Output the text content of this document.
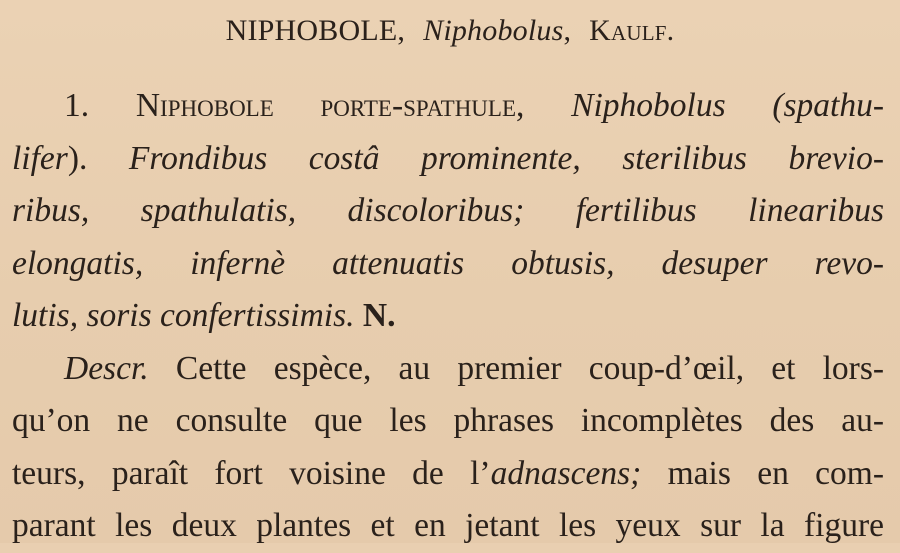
NIPHOBOLE, Niphobolus, Kaulf.
1. Niphobole porte-spathule, Niphobolus (spathu-
lifer). Frondibus costâ prominente, sterilibus brevio-
ribus, spathulatis, discoloribus; fertilibus linearibus
elongatis, infernè attenuatis obtusis, desuper revo-
lutis, soris confertissimis. N.
Descr. Cette espèce, au premier coup-d’œil, et lors-
qu’on ne consulte que les phrases incomplètes des au-
teurs, paraît fort voisine de l’adnascens; mais en com-
parant les deux plantes et en jetant les yeux sur la figure
